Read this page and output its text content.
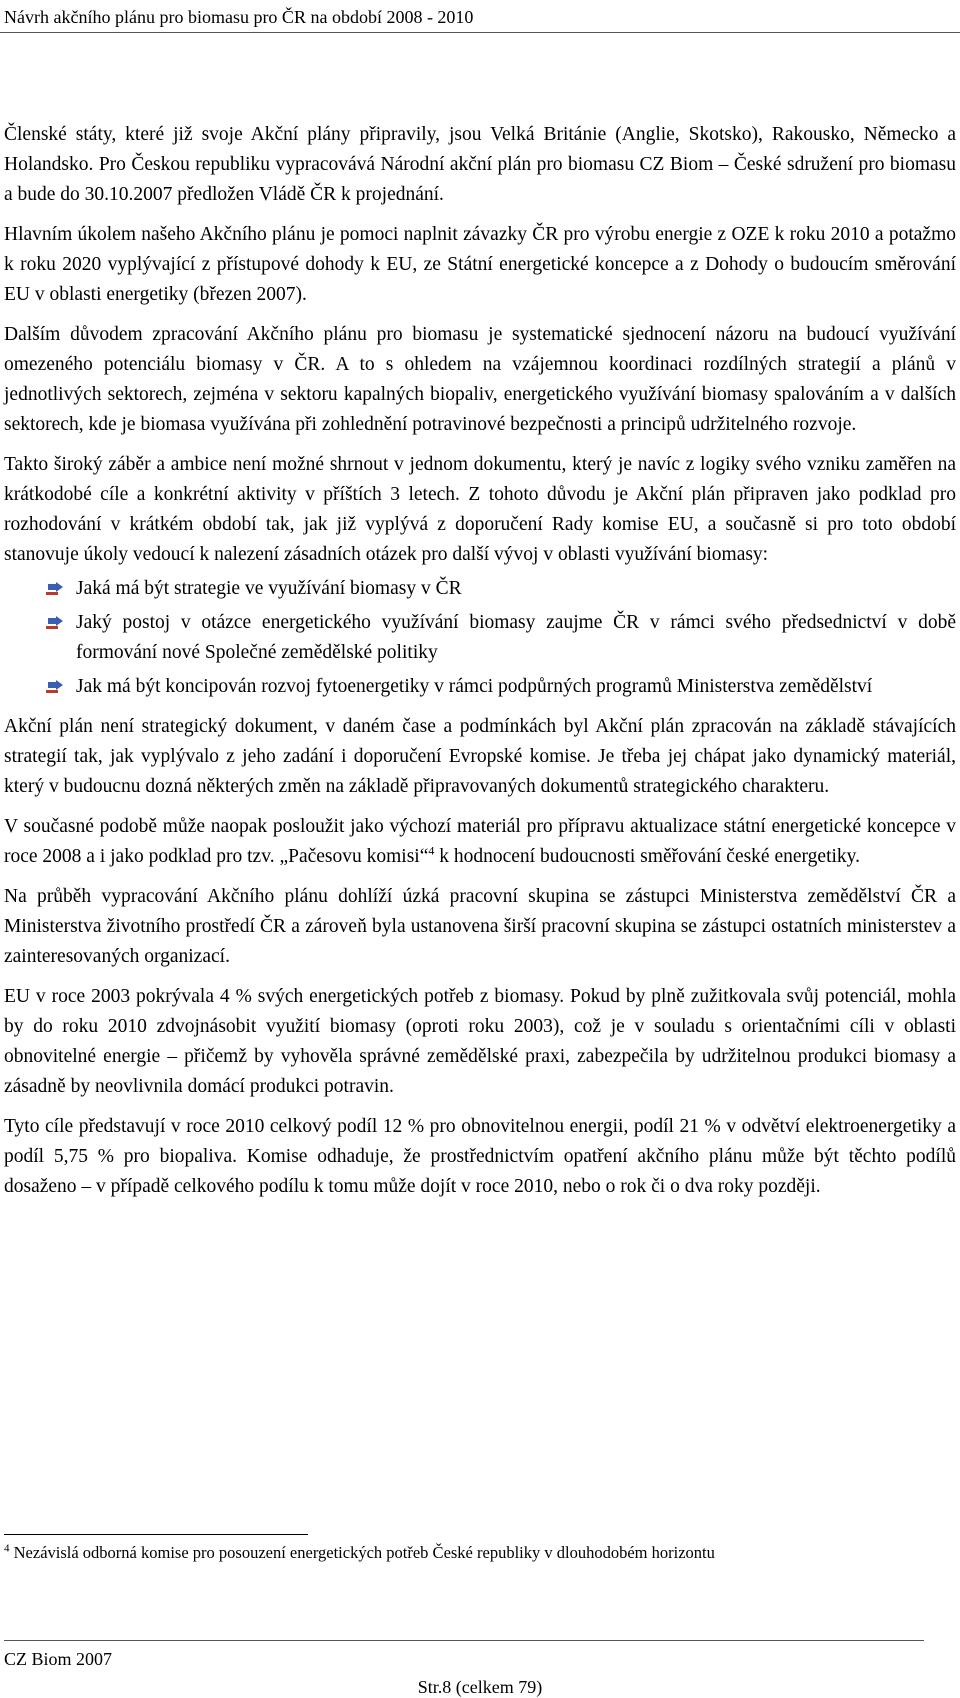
Návrh akčního plánu pro biomasu pro ČR na období 2008 - 2010

Členské státy, které již svoje Akční plány připravily, jsou Velká Británie (Anglie, Skotsko), Rakousko, Německo a Holandsko. Pro Českou republiku vypracovává Národní akční plán pro biomasu CZ Biom – České sdružení pro biomasu a bude do 30.10.2007 předložen Vládě ČR k projednání.

Hlavním úkolem našeho Akčního plánu je pomoci naplnit závazky ČR pro výrobu energie z OZE k roku 2010 a potažmo k roku 2020 vyplývající z přístupové dohody k EU, ze Státní energetické koncepce a z Dohody o budoucím směrování EU v oblasti energetiky (březen 2007).

Dalším důvodem zpracování Akčního plánu pro biomasu je systematické sjednocení názoru na budoucí využívání omezeného potenciálu biomasy v ČR. A to s ohledem na vzájemnou koordinaci rozdílných strategií a plánů v jednotlivých sektorech, zejména v sektoru kapalných biopaliv, energetického využívání biomasy spalováním a v dalších sektorech, kde je biomasa využívána při zohlednění potravinové bezpečnosti a principů udržitelného rozvoje.

Takto široký záběr a ambice není možné shrnout v jednom dokumentu, který je navíc z logiky svého vzniku zaměřen na krátkodobé cíle a konkrétní aktivity v příštích 3 letech. Z tohoto důvodu je Akční plán připraven jako podklad pro rozhodování v krátkém období tak, jak již vyplývá z doporučení Rady komise EU, a současně si pro toto období stanovuje úkoly vedoucí k nalezení zásadních otázek pro další vývoj v oblasti využívání biomasy:

Jaká má být strategie ve využívání biomasy v ČR
Jaký postoj v otázce energetického využívání biomasy zaujme ČR v rámci svého předsednictví v době formování nové Společné zemědělské politiky
Jak má být koncipován rozvoj fytoenergetiky v rámci podpůrných programů Ministerstva zemědělství

Akční plán není strategický dokument, v daném čase a podmínkách byl Akční plán zpracován na základě stávajících strategií tak, jak vyplývalo z jeho zadání i doporučení Evropské komise. Je třeba jej chápat jako dynamický materiál, který v budoucnu dozná některých změn na základě připravovaných dokumentů strategického charakteru.

V současné podobě může naopak posloužit jako výchozí materiál pro přípravu aktualizace státní energetické koncepce v roce 2008 a i jako podklad pro tzv. „Pačesovu komisi“$^4$ k hodnocení budoucnosti směřování české energetiky.

Na průběh vypracování Akčního plánu dohlíží úzká pracovní skupina se zástupci Ministerstva zemědělství ČR a Ministerstva životního prostředí ČR a zároveň byla ustanovena širší pracovní skupina se zástupci ostatních ministerstev a zainteresovaných organizací.

EU v roce 2003 pokrývala 4 % svých energetických potřeb z biomasy. Pokud by plně zužitkovala svůj potenciál, mohla by do roku 2010 zdvojnásobit využití biomasy (oproti roku 2003), což je v souladu s orientačními cíli v oblasti obnovitelné energie – přičemž by vyhověla správné zemědělské praxi, zabezpečila by udržitelnou produkci biomasy a zásadně by neovlivnila domácí produkci potravin.

Tyto cíle představují v roce 2010 celkový podíl 12 % pro obnovitelnou energii, podíl 21 % v odvětví elektroenergetiky a podíl 5,75 % pro biopaliva. Komise odhaduje, že prostřednictvím opatření akčního plánu může být těchto podílů dosaženo – v případě celkového podílu k tomu může dojít v roce 2010, nebo o rok či o dva roky později.

$^4$ Nezávislá odborná komise pro posouzení energetických potřeb České republiky v dlouhodobém horizontu
CZ Biom 2007
Str.8 (celkem 79)
